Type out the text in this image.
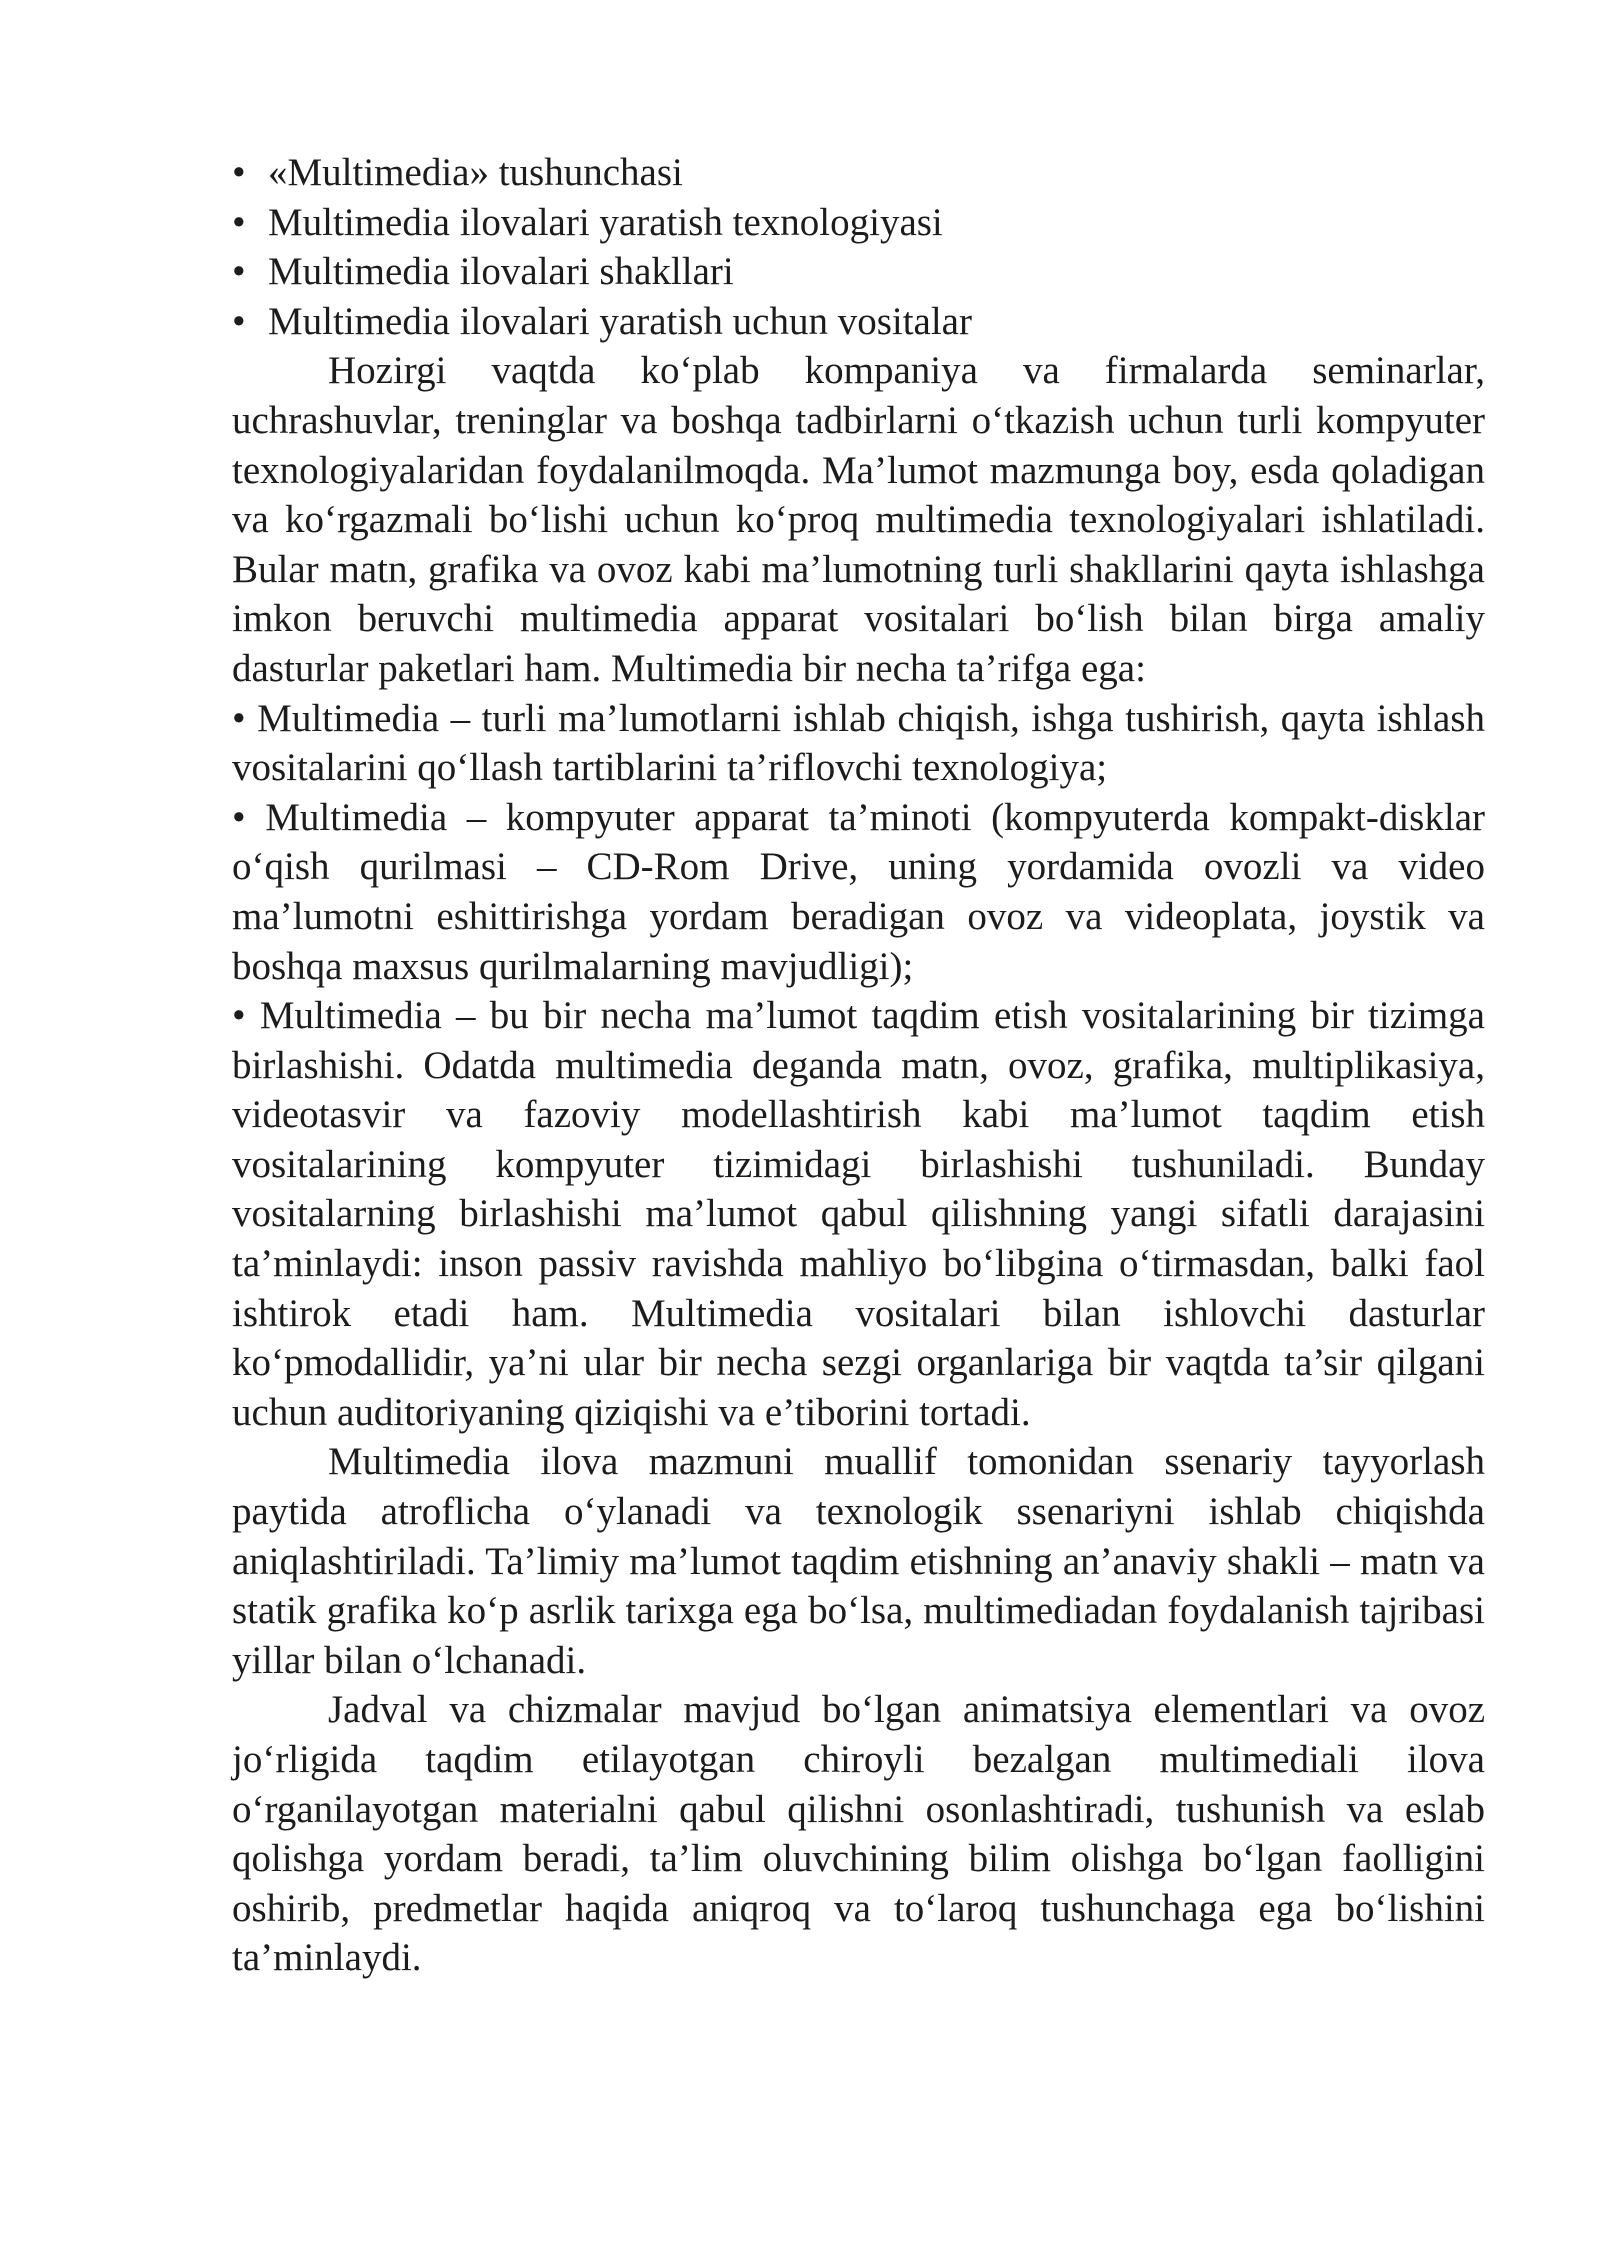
• «Multimedia» tushunchasi
• Multimedia ilovalari yaratish texnologiyasi
• Multimedia ilovalari shakllari
• Multimedia ilovalari yaratish uchun vositalar

Hozirgi vaqtda ko‘plab kompaniya va firmalarda seminarlar, uchrashuvlar, treninglar va boshqa tadbirlarni o‘tkazish uchun turli kompyuter texnologiyalaridan foydalanilmoqda. Ma’lumot mazmunga boy, esda qoladigan va ko‘rgazmali bo‘lishi uchun ko‘proq multimedia texnologiyalari ishlatiladi. Bular matn, grafika va ovoz kabi ma’lumotning turli shakllarini qayta ishlashga imkon beruvchi multimedia apparat vositalari bo‘lish bilan birga amaliy dasturlar paketlari ham. Multimedia bir necha ta’rifga ega:

• Multimedia – turli ma’lumotlarni ishlab chiqish, ishga tushirish, qayta ishlash vositalarini qo‘llash tartiblarini ta’riflovchi texnologiya;

• Multimedia – kompyuter apparat ta’minoti (kompyuterda kompakt-disklar o‘qish qurilmasi – CD-Rom Drive, uning yordamida ovozli va video ma’lumotni eshittirishga yordam beradigan ovoz va videoplata, joystik va boshqa maxsus qurilmalarning mavjudligi);

• Multimedia – bu bir necha ma’lumot taqdim etish vositalarining bir tizimga birlashishi. Odatda multimedia deganda matn, ovoz, grafika, multiplikasiya, videotasvir va fazoviy modellashtirish kabi ma’lumot taqdim etish vositalarining kompyuter tizimidagi birlashishi tushuniladi. Bunday vositalarning birlashishi ma’lumot qabul qilishning yangi sifatli darajasini ta’minlaydi: inson passiv ravishda mahliyo bo‘libgina o‘tirmasdan, balki faol ishtirok etadi ham. Multimedia vositalari bilan ishlovchi dasturlar ko‘pmodallidir, ya’ni ular bir necha sezgi organlariga bir vaqtda ta’sir qilgani uchun auditoriyaning qiziqishi va e’tiborini tortadi.

Multimedia ilova mazmuni muallif tomonidan ssenariy tayyorlash paytida atroflicha o‘ylanadi va texnologik ssenariyni ishlab chiqishda aniqlashtiriladi. Ta’limiy ma’lumot taqdim etishning an’anaviy shakli – matn va statik grafika ko‘p asrlik tarixga ega bo‘lsa, multimediadan foydalanish tajribasi yillar bilan o‘lchanadi.

Jadval va chizmalar mavjud bo‘lgan animatsiya elementlari va ovoz jo‘rligida taqdim etilayotgan chiroyli bezalgan multimediali ilova o‘rganilayotgan materialni qabul qilishni osonlashtiradi, tushunish va eslab qolishga yordam beradi, ta’lim oluvchining bilim olishga bo‘lgan faolligini oshirib, predmetlar haqida aniqroq va to‘laroq tushunchaga ega bo‘lishini ta’minlaydi.
